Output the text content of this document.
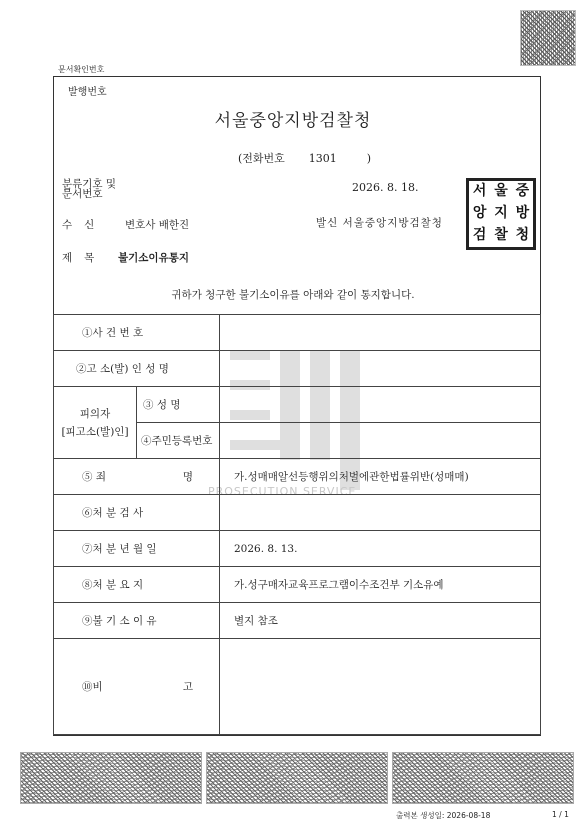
문서확인번호
발행번호
서울중앙지방검찰청
(전화번호 1301	)
분류기호 및
문서번호	2026. 8. 18.
수신 변호사 배한진	발신 서울중앙지방검찰청
서 울 중
앙 지 방
검 찰 청
제목 불기소이유통지
귀하가 청구한 불기소이유를 아래와 같이 통지합니다.
PROSECUTION SERVICE
①사 건 번 호		

②고 소(발) 인 성 명		

피의자
[피고소(발)인]	③ 성 명	
	④주민등록번호	

⑤ 죄 명		가.성매매알선등행위의처벌에관한법률위반(성매매)

⑥처 분 검 사		

⑦처 분 년 월 일		2026. 8. 13.

⑧처 분 요 지		가.성구매자교육프로그램이수조건부 기소유예

⑨불 기 소 이 유		별지 참조

⑩비 고		

출력본 생성일: 2026-08-18	1 / 1
